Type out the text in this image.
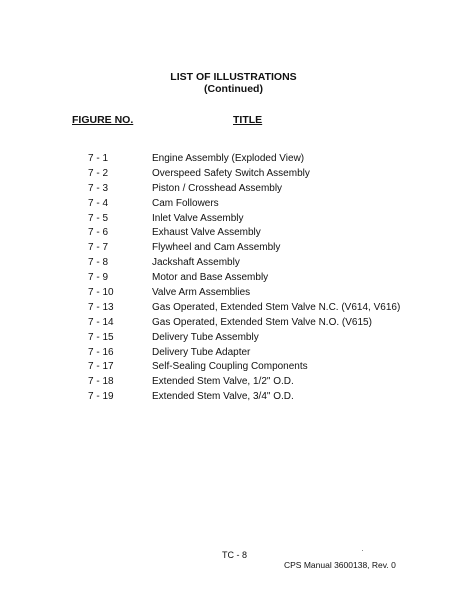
LIST OF ILLUSTRATIONS
(Continued)
FIGURE NO.	TITLE
7 - 1	Engine Assembly (Exploded View)
7 - 2	Overspeed Safety Switch Assembly
7 - 3	Piston / Crosshead Assembly
7 - 4	Cam Followers
7 - 5	Inlet Valve Assembly
7 - 6	Exhaust Valve Assembly
7 - 7	Flywheel and Cam Assembly
7 - 8	Jackshaft Assembly
7 - 9	Motor and Base Assembly
7 - 10	Valve Arm Assemblies
7 - 13	Gas Operated, Extended Stem Valve N.C. (V614, V616)
7 - 14	Gas Operated, Extended Stem Valve N.O. (V615)
7 - 15	Delivery Tube Assembly
7 - 16	Delivery Tube Adapter
7 - 17	Self-Sealing Coupling Components
7 - 18	Extended Stem Valve, 1/2" O.D.
7 - 19	Extended Stem Valve, 3/4" O.D.
TC - 8
CPS Manual 3600138, Rev. 0
